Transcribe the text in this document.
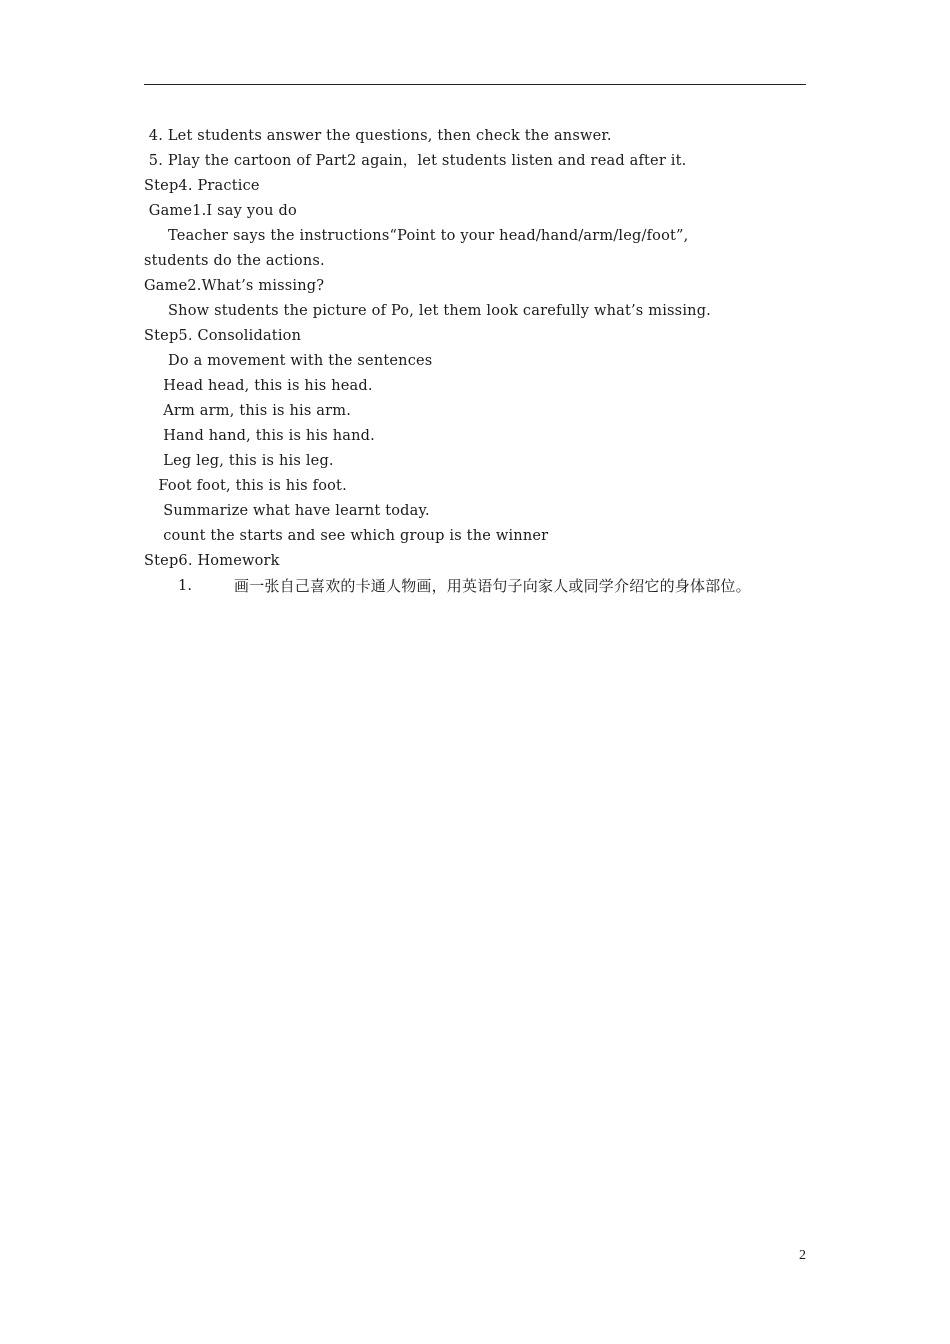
4. Let students answer the questions, then check the answer.
5. Play the cartoon of Part2 again，let students listen and read after it.
Step4. Practice
Game1.I say you do
Teacher says the instructions“Point to your head/hand/arm/leg/foot”,
students do the actions.
Game2.What’s missing?
Show students the picture of Po, let them look carefully what’s missing.
Step5. Consolidation
Do a movement with the sentences
Head head, this is his head.
Arm arm, this is his arm.
Hand hand, this is his hand.
Leg leg, this is his leg.
Foot foot, this is his foot.
Summarize what have learnt today.
count the starts and see which group is the winner
Step6. Homework
1.	画一张自己喜欢的卡通人物画，用英语句子向家人或同学介绍它的身体部位。
2
